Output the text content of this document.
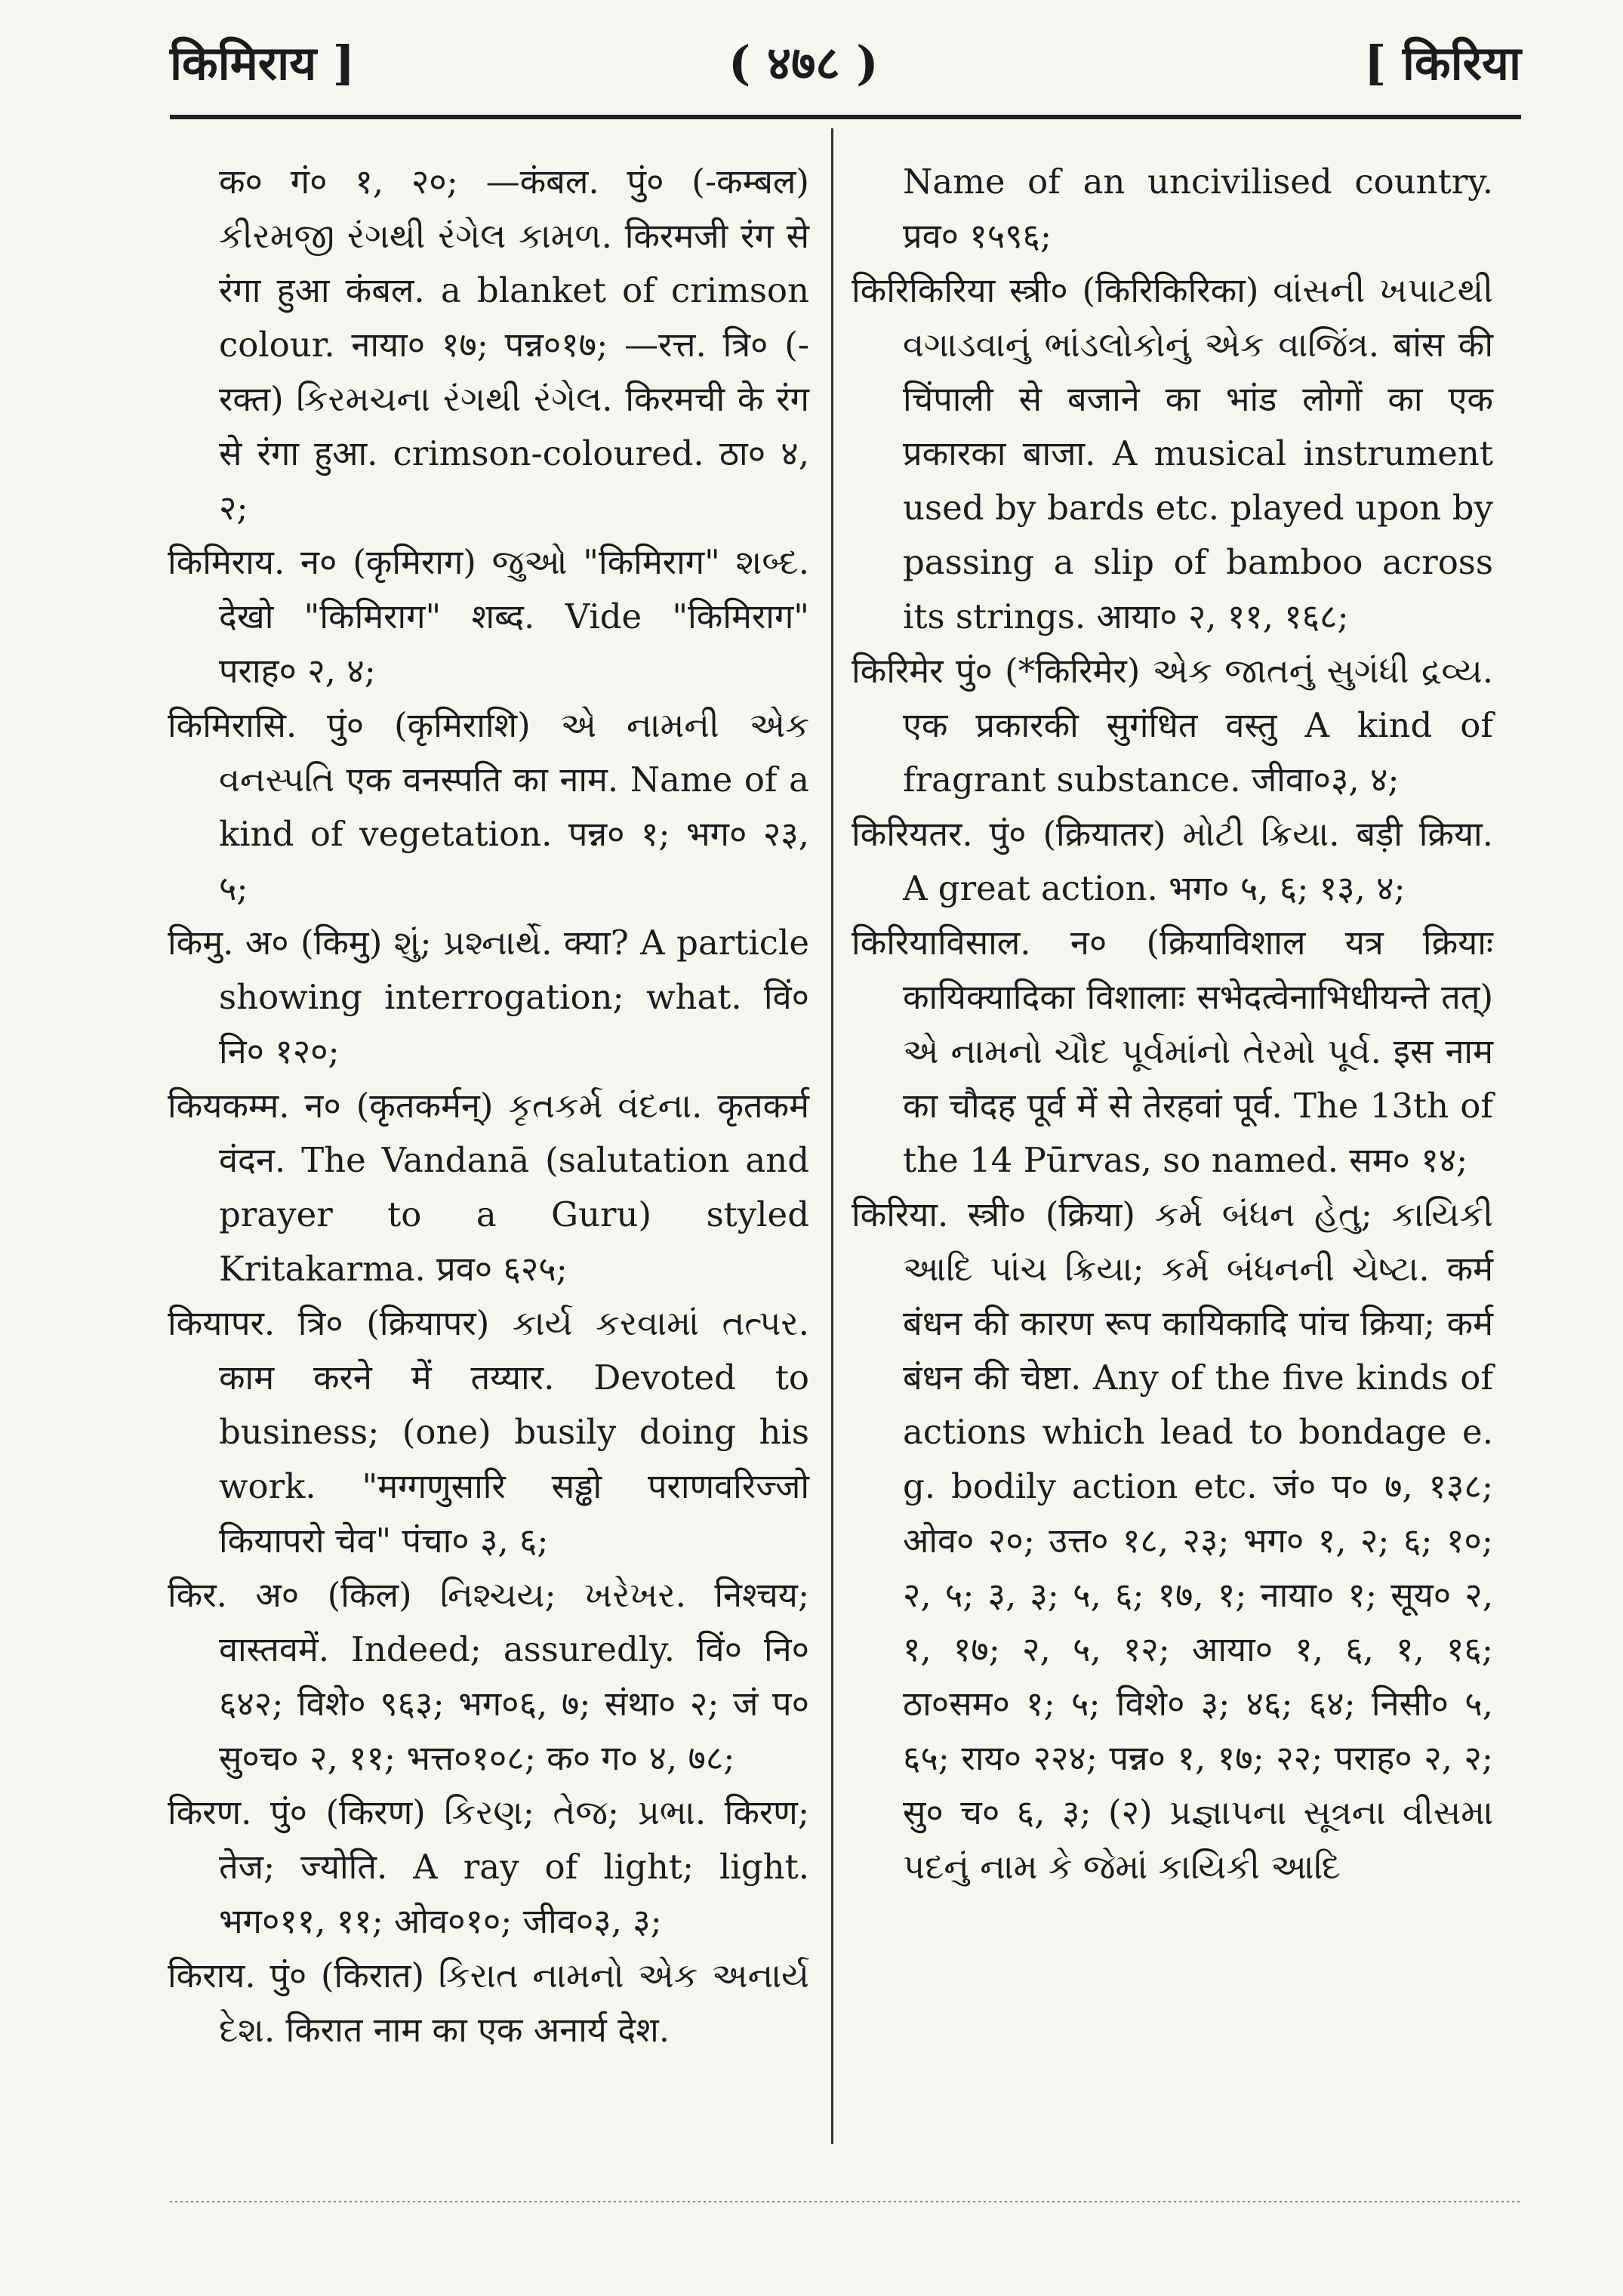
किमिराय ]	( ४७८ )	[ किरिया
क० गं० १, २०; —कंबल. पुं० (-कम्बल) કીરમજી રંગથી રંગેલ કામળ. किरमजी रंग से रंगा हुआ कंबल. a blanket of crimson colour. नाया० १७; पन्न०१७; —रत्त. त्रि० (-रक्त) કિરમચના રંગથી રંગેલ. किरमची के रंग से रंगा हुआ. crimson-coloured. ठा० ४, २;
किमिराय. न० (कृमिराग) જુઓ "किमिराग" શબ્દ. देखो "किमिराग" शब्द. Vide "किमिराग" पराह० २, ४;
किमिरासि. पुं० (कृमिराशि) એ નામની એક વનસ્પતિ एक वनस्पति का नाम. Name of a kind of vegetation. पन्न० १; भग० २३, ५;
किमु. अ० (किमु) શું; પ્રશ્નાર્થે. क्या? A particle showing interrogation; what. विं० नि० १२०;
कियकम्म. न० (कृतकर्मन्) કૃતકર્મ વંદના. कृतकर्म वंदन. The Vandanā (salutation and prayer to a Guru) styled Kritakarma. प्रव० ६२५;
कियापर. त्रि० (क्रियापर) કાર્ય કરવામાં તત્પર. काम करने में तय्यार. Devoted to business; (one) busily doing his work. "मग्गणुसारि सड्ढो पराणवरिज्जो कियापरो चेव" पंचा० ३, ६;
किर. अ० (किल) નિશ્ચય; ખરેખર. निश्चय; वास्तवमें. Indeed; assuredly. विं० नि० ६४२; विशे० ९६३; भग०६, ७; संथा० २; जं प० सु०च० २, ११; भत्त०१०८; क० ग० ४, ७८;
किरण. पुं० (किरण) કિરણ; તેજ; પ્રભા. किरण; तेज; ज्योति. A ray of light; light. भग०११, ११; ओव०१०; जीव०३, ३;
किराय. पुं० (किरात) કિરાત નામનો એક અનાર્ય દેશ. किरात नाम का एक अनार्य देश.
Name of an uncivilised country. प्रव० १५९६;
किरिकिरिया स्त्री० (किरिकिरिका) વાંસની ખપાટથી વગાડવાનું ભાંડલોકોનું એક વાજિંત્ર. बांस की चिंपाली से बजाने का भांड लोगों का एक प्रकारका बाजा. A musical instrument used by bards etc. played upon by passing a slip of bamboo across its strings. आया० २, ११, १६८;
किरिमेर पुं० (*किरिमेर) એક જાતનું સુગંધી દ્રવ્ય. एक प्रकारकी सुगंधित वस्तु A kind of fragrant substance. जीवा०३, ४;
किरियतर. पुं० (क्रियातर) મોટી ક્રિયા. बड़ी क्रिया. A great action. भग० ५, ६; १३, ४;
किरियाविसाल. न० (क्रियाविशाल यत्र क्रियाः कायिक्यादिका विशालाः सभेदत्वेनाभिधीयन्ते तत्) એ નામનો ચૌદ પૂર્વમાંનો તેરમો પૂર્વ. इस नाम का चौदह पूर्व में से तेरहवां पूर्व. The 13th of the 14 Pūrvas, so named. सम० १४;
किरिया. स्त्री० (क्रिया) કર્મ બંધન હેતુ; કાયિકી આદિ પાંચ ક્રિયા; કર્મ બંધનની ચેષ્ટા. कर्म बंधन की कारण रूप कायिकादि पांच क्रिया; कर्म बंधन की चेष्टा. Any of the five kinds of actions which lead to bondage e. g. bodily action etc. जं० प० ७, १३८; ओव० २०; उत्त० १८, २३; भग० १, २; ६; १०; २, ५; ३, ३; ५, ६; १७, १; नाया० १; सूय० २, १, १७; २, ५, १२; आया० १, ६, १, १६; ठा०सम० १; ५; विशे० ३; ४६; ६४; निसी० ५, ६५; राय० २२४; पन्न० १, १७; २२; पराह० २, २; सु० च० ६, ३; (२) પ્રજ્ઞાપના સૂત્રના વીસમા પદનું નામ કે જેમાં કાયિકી આદિ
